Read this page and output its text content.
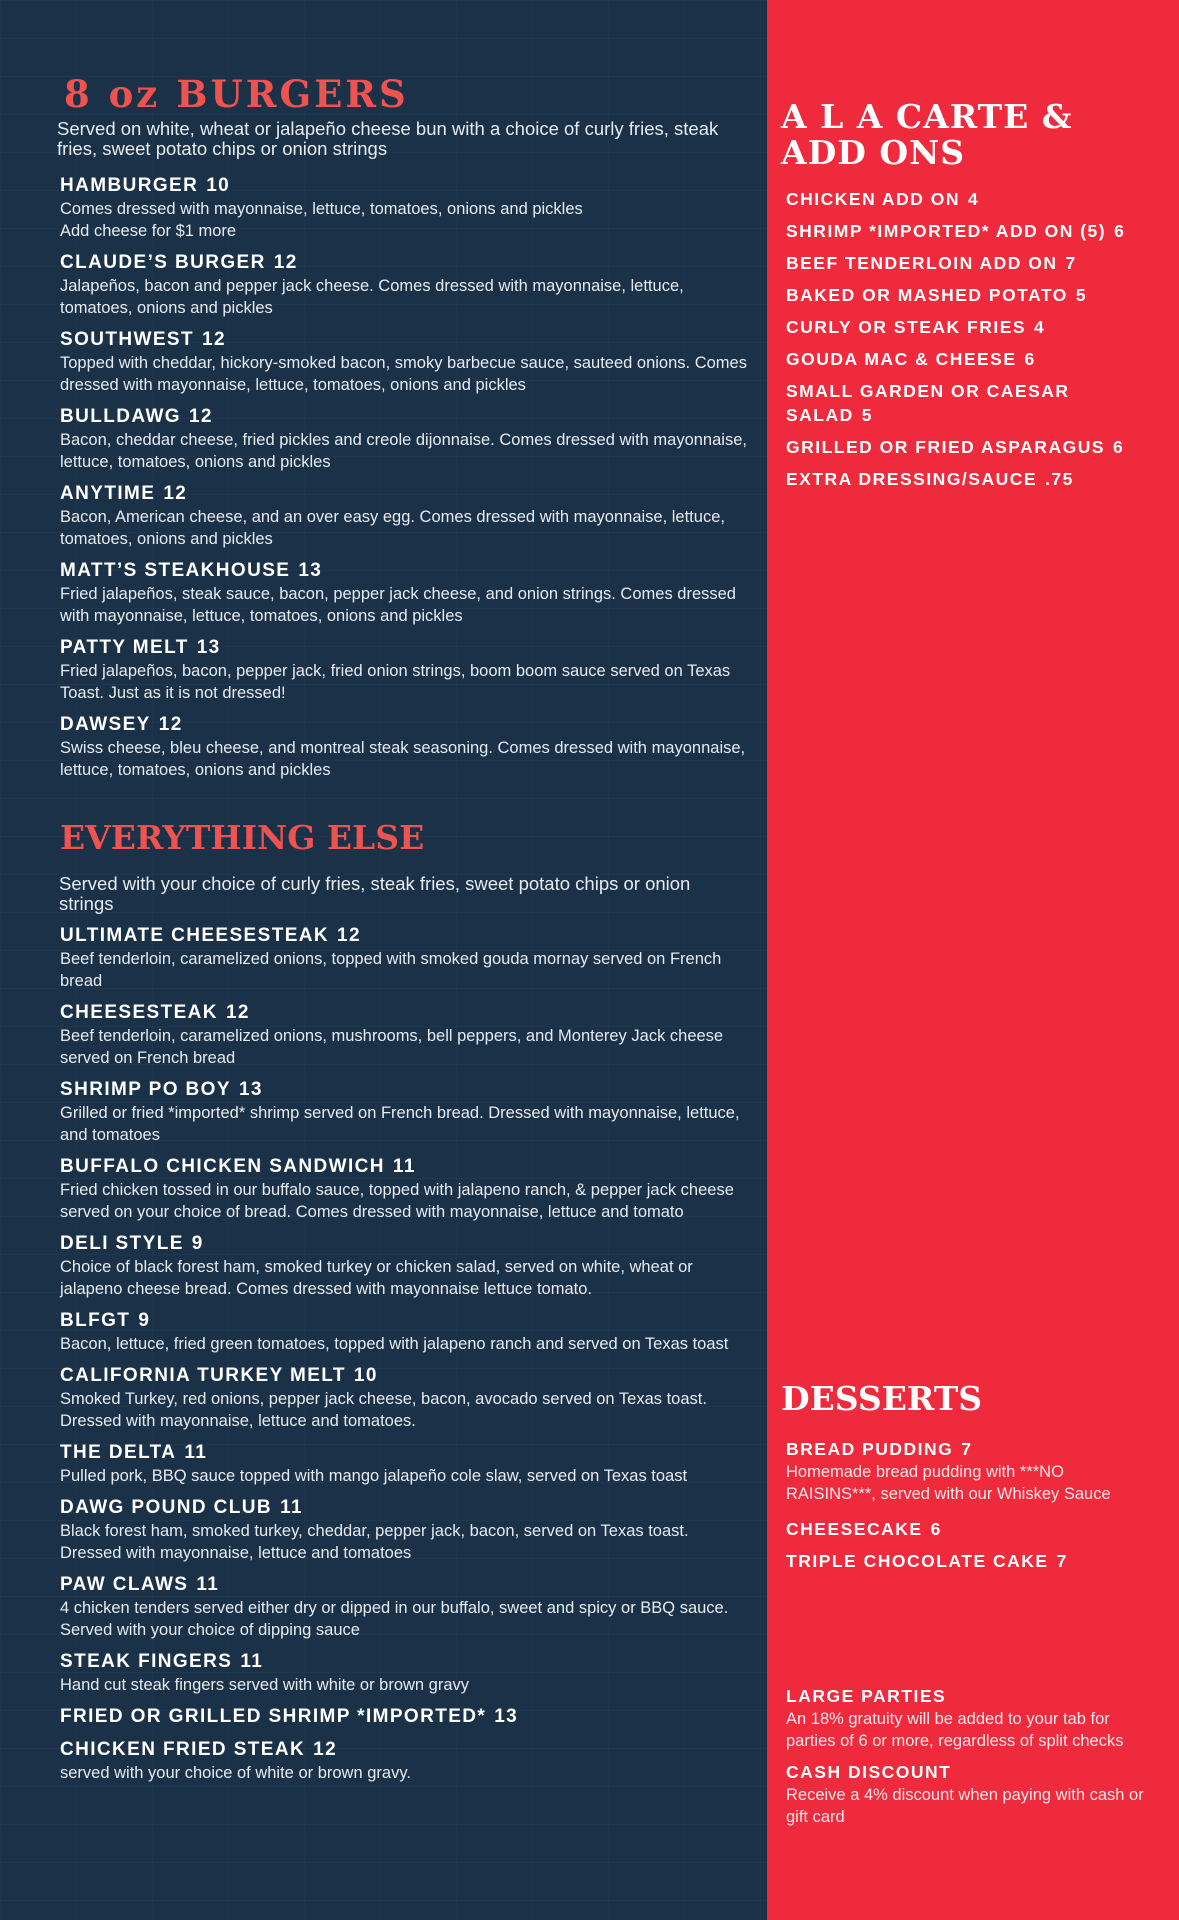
8 oz BURGERS
Served on white, wheat or jalapeño cheese bun with a choice of curly fries, steak fries, sweet potato chips or onion strings
HAMBURGER 10
Comes dressed with mayonnaise, lettuce, tomatoes, onions and pickles
Add cheese for $1 more
CLAUDE’S BURGER 12
Jalapeños, bacon and pepper jack cheese. Comes dressed with mayonnaise, lettuce, tomatoes, onions and pickles
SOUTHWEST 12
Topped with cheddar, hickory-smoked bacon, smoky barbecue sauce, sauteed onions. Comes dressed with mayonnaise, lettuce, tomatoes, onions and pickles
BULLDAWG 12
Bacon, cheddar cheese, fried pickles and creole dijonnaise. Comes dressed with mayonnaise, lettuce, tomatoes, onions and pickles
ANYTIME 12
Bacon, American cheese, and an over easy egg. Comes dressed with mayonnaise, lettuce, tomatoes, onions and pickles
MATT’S STEAKHOUSE 13
Fried jalapeños, steak sauce, bacon, pepper jack cheese, and onion strings. Comes dressed with mayonnaise, lettuce, tomatoes, onions and pickles
PATTY MELT 13
Fried jalapeños, bacon, pepper jack, fried onion strings, boom boom sauce served on Texas Toast. Just as it is not dressed!
DAWSEY 12
Swiss cheese, bleu cheese, and montreal steak seasoning. Comes dressed with mayonnaise, lettuce, tomatoes, onions and pickles
EVERYTHING ELSE
Served with your choice of curly fries, steak fries, sweet potato chips or onion strings
ULTIMATE CHEESESTEAK 12
Beef tenderloin, caramelized onions, topped with smoked gouda mornay served on French bread
CHEESESTEAK 12
Beef tenderloin, caramelized onions, mushrooms, bell peppers, and Monterey Jack cheese served on French bread
SHRIMP PO BOY 13
Grilled or fried *imported* shrimp served on French bread. Dressed with mayonnaise, lettuce, and tomatoes
BUFFALO CHICKEN SANDWICH 11
Fried chicken tossed in our buffalo sauce, topped with jalapeno ranch, & pepper jack cheese served on your choice of bread. Comes dressed with mayonnaise, lettuce and tomato
DELI STYLE 9
Choice of black forest ham, smoked turkey or chicken salad, served on white, wheat or jalapeno cheese bread. Comes dressed with mayonnaise lettuce tomato.
BLFGT 9
Bacon, lettuce, fried green tomatoes, topped with jalapeno ranch and served on Texas toast
CALIFORNIA TURKEY MELT 10
Smoked Turkey, red onions, pepper jack cheese, bacon, avocado served on Texas toast. Dressed with mayonnaise, lettuce and tomatoes.
THE DELTA 11
Pulled pork, BBQ sauce topped with mango jalapeño cole slaw, served on Texas toast
DAWG POUND CLUB 11
Black forest ham, smoked turkey, cheddar, pepper jack, bacon, served on Texas toast. Dressed with mayonnaise, lettuce and tomatoes
PAW CLAWS 11
4 chicken tenders served either dry or dipped in our buffalo, sweet and spicy or BBQ sauce. Served with your choice of dipping sauce
STEAK FINGERS 11
Hand cut steak fingers served with white or brown gravy
FRIED OR GRILLED SHRIMP *IMPORTED* 13
CHICKEN FRIED STEAK 12
served with your choice of white or brown gravy.
A L A CARTE &
ADD ONS
CHICKEN ADD ON 4
SHRIMP *IMPORTED* ADD ON (5) 6
BEEF TENDERLOIN ADD ON 7
BAKED OR MASHED POTATO 5
CURLY OR STEAK FRIES 4
GOUDA MAC & CHEESE 6
SMALL GARDEN OR CAESAR SALAD 5
GRILLED OR FRIED ASPARAGUS 6
EXTRA DRESSING/SAUCE .75
DESSERTS
BREAD PUDDING 7
Homemade bread pudding with ***NO RAISINS***, served with our Whiskey Sauce
CHEESECAKE 6
TRIPLE CHOCOLATE CAKE 7
LARGE PARTIES
An 18% gratuity will be added to your tab for parties of 6 or more, regardless of split checks
CASH DISCOUNT
Receive a 4% discount when paying with cash or gift card
